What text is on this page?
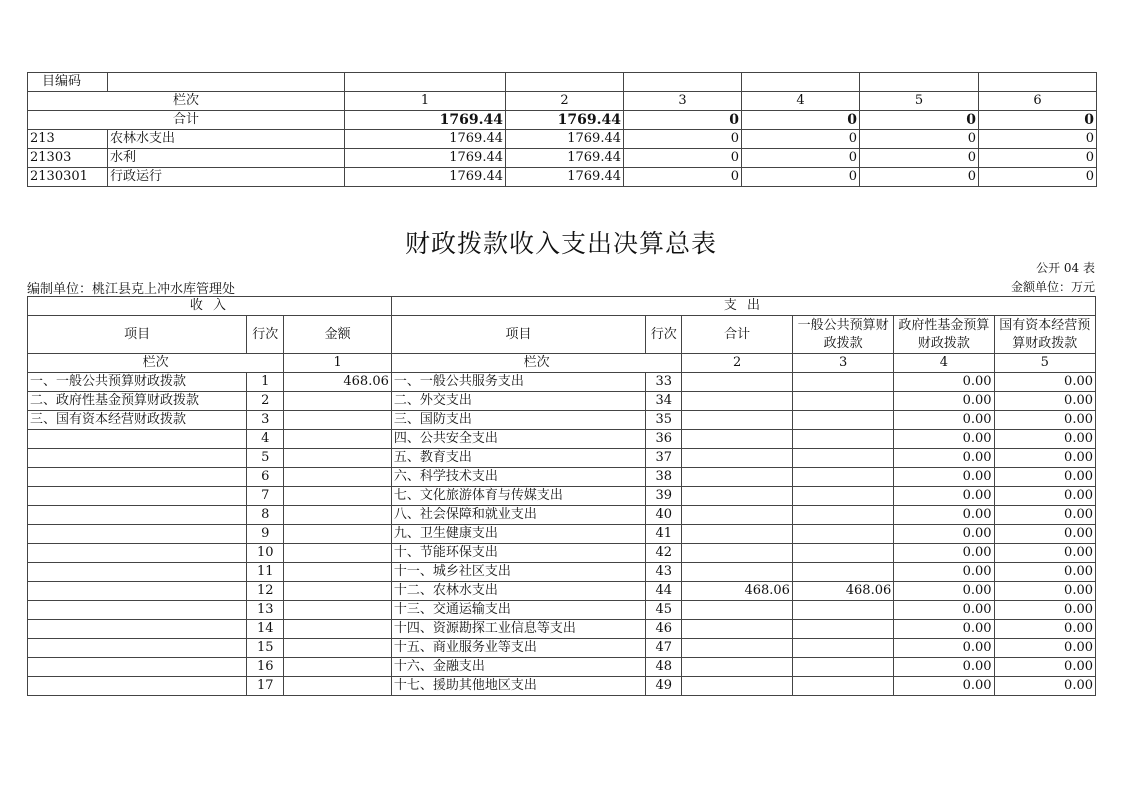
目编码							
栏次		1	2	3	4	5	6
合计		1769.44	1769.44	0	0	0	0
213	农林水支出	1769.44	1769.44	0	0	0	0
21303	水利	1769.44	1769.44	0	0	0	0
2130301	行政运行	1769.44	1769.44	0	0	0	0
财政拨款收入支出决算总表
公开 04 表
编制单位：桃江县克上冲水库管理处	金额单位：万元
收 入			支 出					
项目	行次	金额	项目	行次	合计	一般公共预算财政拨款	政府性基金预算财政拨款	国有资本经营预算财政拨款
栏次		1	栏次		2	3	4	5
一、一般公共预算财政拨款	1	468.06	一、一般公共服务支出	33			0.00	0.00
二、政府性基金预算财政拨款	2		二、外交支出	34			0.00	0.00
三、国有资本经营财政拨款	3		三、国防支出	35			0.00	0.00
	4		四、公共安全支出	36			0.00	0.00
	5		五、教育支出	37			0.00	0.00
	6		六、科学技术支出	38			0.00	0.00
	7		七、文化旅游体育与传媒支出	39			0.00	0.00
	8		八、社会保障和就业支出	40			0.00	0.00
	9		九、卫生健康支出	41			0.00	0.00
	10		十、节能环保支出	42			0.00	0.00
	11		十一、城乡社区支出	43			0.00	0.00
	12		十二、农林水支出	44	468.06	468.06	0.00	0.00
	13		十三、交通运输支出	45			0.00	0.00
	14		十四、资源勘探工业信息等支出	46			0.00	0.00
	15		十五、商业服务业等支出	47			0.00	0.00
	16		十六、金融支出	48			0.00	0.00
	17		十七、援助其他地区支出	49			0.00	0.00
